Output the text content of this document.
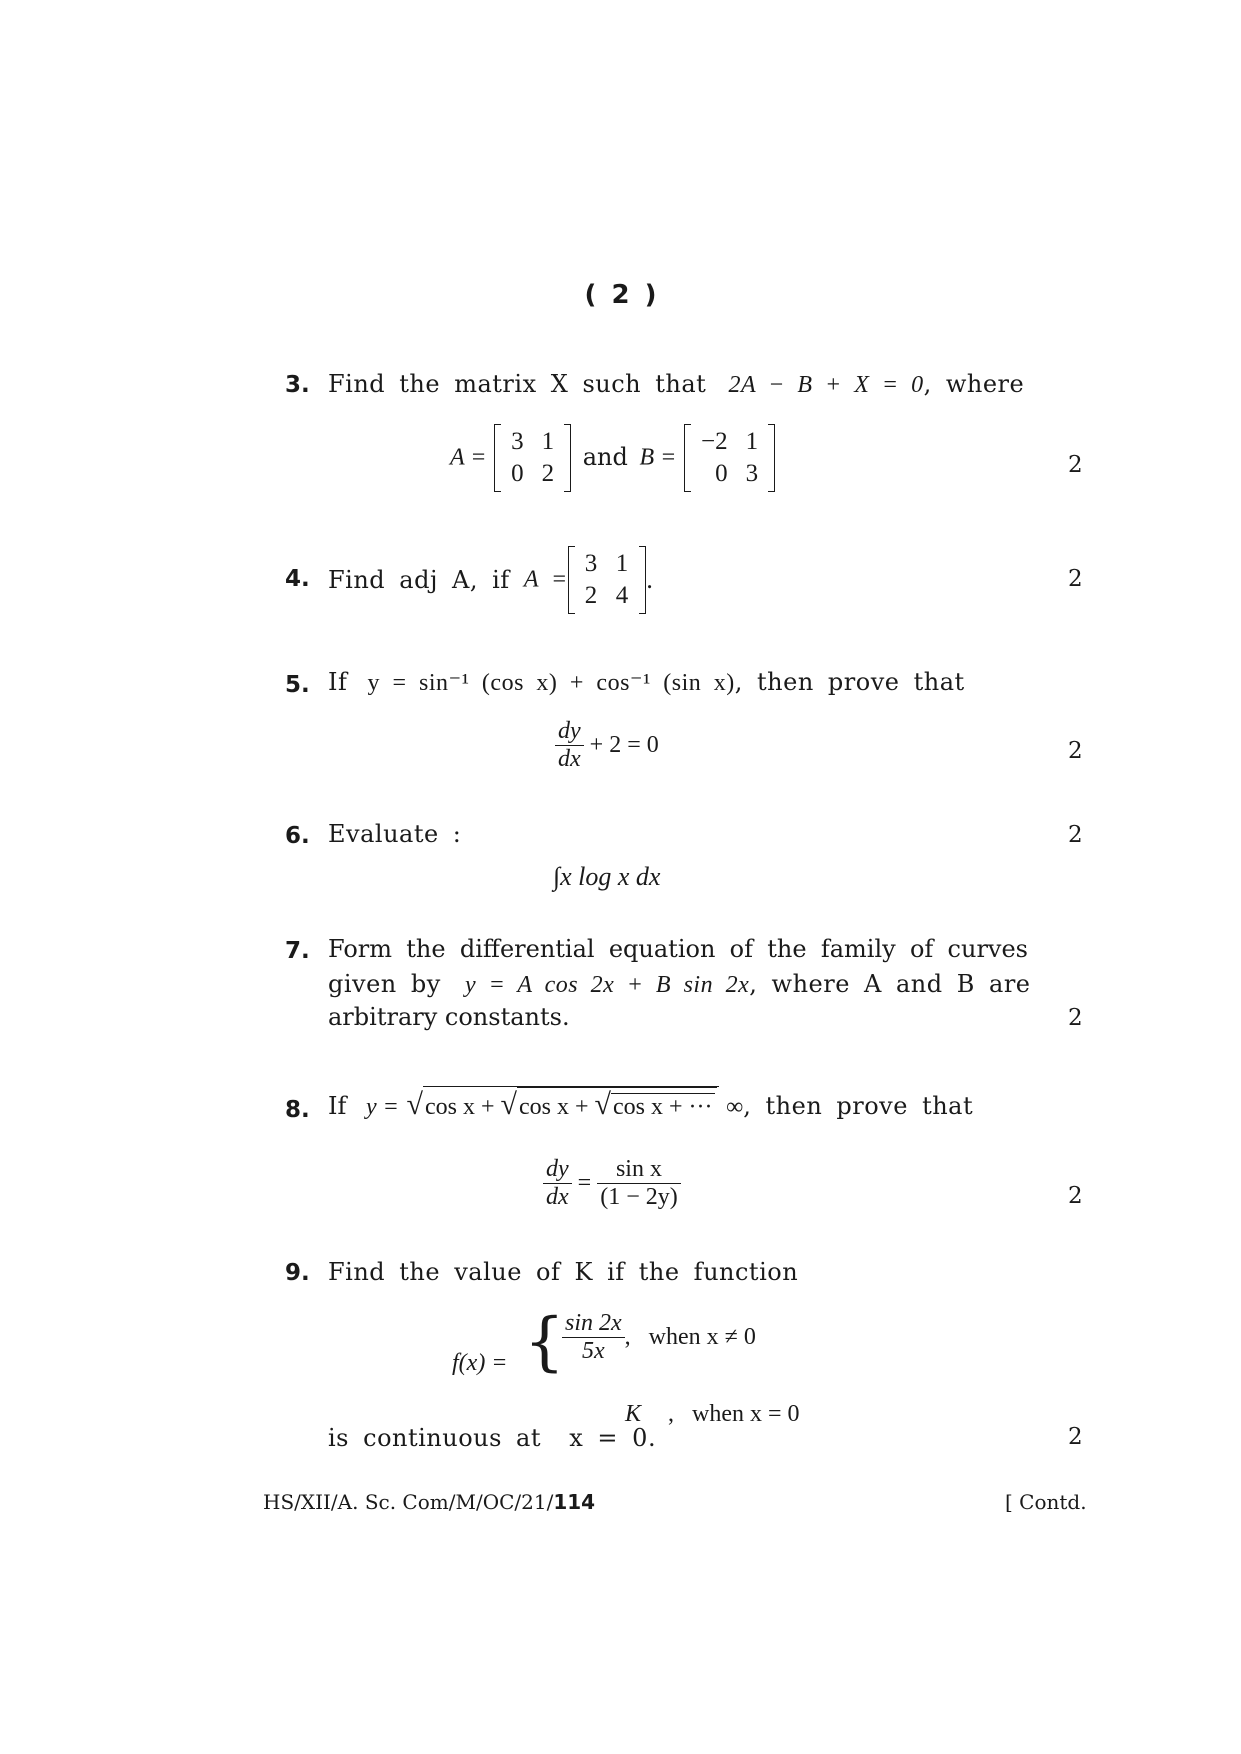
( 2 )
3. Find the matrix X such that 2A − B + X = 0, where
A =
3	1
0	2
and B =
−2	1
0	3	2
4. Find adj A, if A =
3	1
2	4
.	2
5. If y = sin⁻¹ (cos x) + cos⁻¹ (sin x), then prove that
$\frac{dy}{dx} + 2 = 0$	2
6. Evaluate :	2
∫x log x dx
7. Form the differential equation of the family of curves
given by y = A cos 2x + B sin 2x, where A and B are
arbitrary constants.	2
8. If y = √cos x + √cos x + √cos x + ··· ∞, then prove that
$\frac{dy}{dx} = \frac{\text{sin x}}{(1 - 2y)}$	2
9. Find the value of K if the function
f(x) = {
$\frac{\sin 2x}{5x}$ ,   when x ≠ 0

K ,   when x = 0

is continuous at  x = 0.	2
HS/XII/A. Sc. Com/M/OC/21/114	[ Contd.
